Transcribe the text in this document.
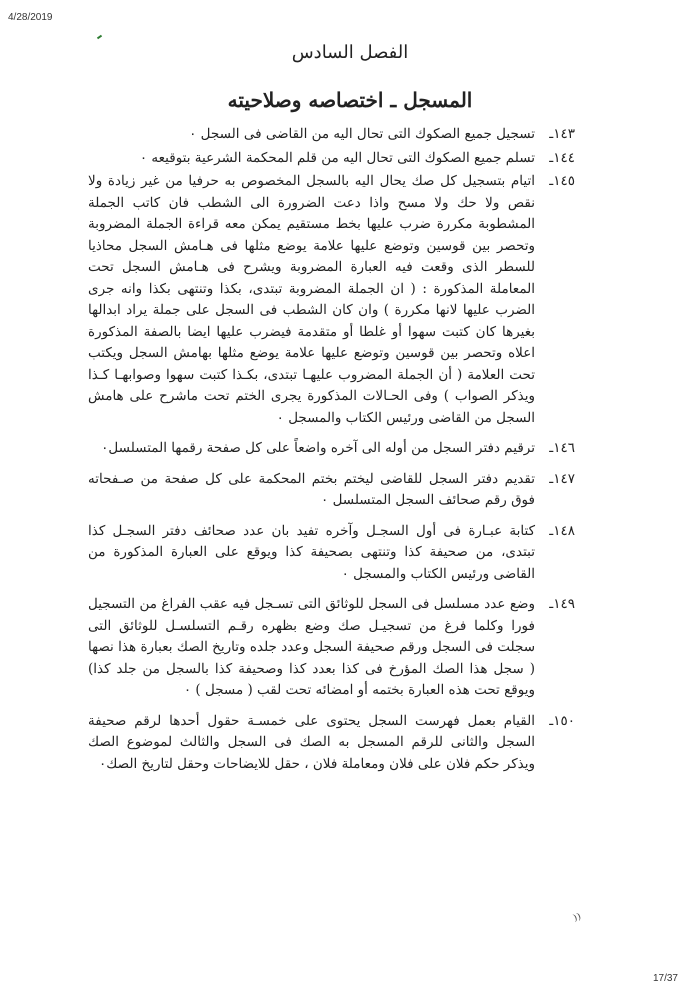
4/28/2019
الفصل السادس
المسجل ـ اختصاصه وصلاحيته
١٤٣ـ
تسجيل جميع الصكوك التى تحال اليه من القاضى فى السجل ٠
١٤٤ـ
تسلم جميع الصكوك التى تحال اليه من قلم المحكمة الشرعية بتوقيعه ٠
١٤٥ـ
اتيام بتسجيل كل صك يحال اليه بالسجل المخصوص به حرفيا من غير زيادة ولا نقص ولا حك ولا مسح واذا دعت الضرورة الى الشطب فان كاتب الجملة المشطوبة مكررة ضرب عليها بخط مستقيم يمكن معه قراءة الجملة المضروبة وتحصر بين قوسين وتوضع عليها علامة يوضع مثلها فى هـامش السجل محاذيا للسطر الذى وقعت فيه العبارة المضروبة ويشرح فى هـامش السجل تحت المعاملة المذكورة : ( ان الجملة المضروبة تبتدى، بكذا وتنتهى بكذا وانه جرى الضرب عليها لانها مكررة ) وان كان الشطب فى السجل على جملة يراد ابدالها بغيرها كان كتبت سهوا أو غلطا أو متقدمة فيضرب عليها ايضا بالصفة المذكورة اعلاه وتحصر بين قوسين وتوضع عليها علامة يوضع مثلها بهامش السجل ويكتب تحت العلامة ( أن الجملة المضروب عليهـا تبتدى، بكـذا كتبت سهوا وصوابهـا كـذا ويذكر الصواب ) وفى الحـالات المذكورة يجرى الختم تحت ماشرح على هامش السجل من القاضى ورئيس الكتاب والمسجل ٠
١٤٦ـ
ترقيم دفتر السجل من أوله الى آخره واضعاً على كل صفحة رقمها المتسلسل٠
١٤٧ـ
تقديم دفتر السجل للقاضى ليختم بختم المحكمة على كل صفحة من صـفحاته فوق رقم صحائف السجل المتسلسل ٠
١٤٨ـ
كتابة عبـارة فى أول السجـل وآخره تفيد بان عدد صحائف دفتر السجـل كذا تبتدى، من صحيفة كذا وتنتهى بصحيفة كذا ويوقع على العبارة المذكورة من القاضى ورئيس الكتاب والمسجل ٠
١٤٩ـ
وضع عدد مسلسل فى السجل للوثائق التى تسـجل فيه عقب الفراغ من التسجيل فورا وكلما فرغ من تسجيـل صك وضع بظهره رقـم التسلسـل للوثائق التى سجلت فى السجل ورقم صحيفة السجل وعدد جلده وتاريخ الصك بعبارة هذا نصها ( سجل هذا الصك المؤرخ فى كذا بعدد كذا وصحيفة كذا بالسجل من جلد كذا) ويوقع تحت هذه العبارة بختمه أو امضائه تحت لقب ( مسجل ) ٠
١٥٠ـ
القيام بعمل فهرست السجل يحتوى على خمسـة حقول أحدها لرقم صحيفة السجل والثانى للرقم المسجل به الصك فى السجل والثالث لموضوع الصك ويذكر حكم فلان على فلان ومعاملة فلان ، حقل للايضاحات وحقل لتاريخ الصك٠
⁾⁾
17/37
